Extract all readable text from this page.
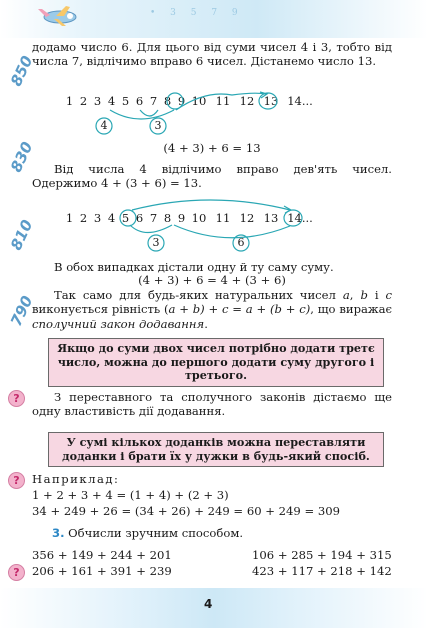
• 3 5 7 9
850
830
810
790
додамо число 6. Для цього від суми чисел 4 і 3, тобто від числа 7, відлічимо вправо 6 чисел. Дістанемо число 13.
1 2 3 4 5 6 7 8 9 10 11 12 13 14...
4	3
(4 + 3) + 6 = 13
Від числа 4 відлічимо вправо дев'ять чисел. Одержимо 4 + (3 + 6) = 13.
1 2 3 4 5 6 7 8 9 10 11 12 13 14...
3	6
В обох випадках дістали одну й ту саму суму.
(4 + 3) + 6 = 4 + (3 + 6)
Так само для будь-яких натуральних чисел a, b і c виконується рівність (a + b) + c = a + (b + c), що виражає сполучний закон додавання.
Якщо до суми двох чисел потрібно додати третє число, можна до першого додати суму другого і третього.
?	З переставного та сполучного законів дістаємо ще одну властивість дії додавання.
У сумі кількох доданків можна переставляти доданки і брати їх у дужки в будь-який спосіб.
?	Наприклад:
1 + 2 + 3 + 4 = (1 + 4) + (2 + 3)
34 + 249 + 26 = (34 + 26) + 249 = 60 + 249 = 309
3. Обчисли зручним способом.
356 + 149 + 244 + 201	106 + 285 + 194 + 315
?	206 + 161 + 391 + 239	423 + 117 + 218 + 142
4
